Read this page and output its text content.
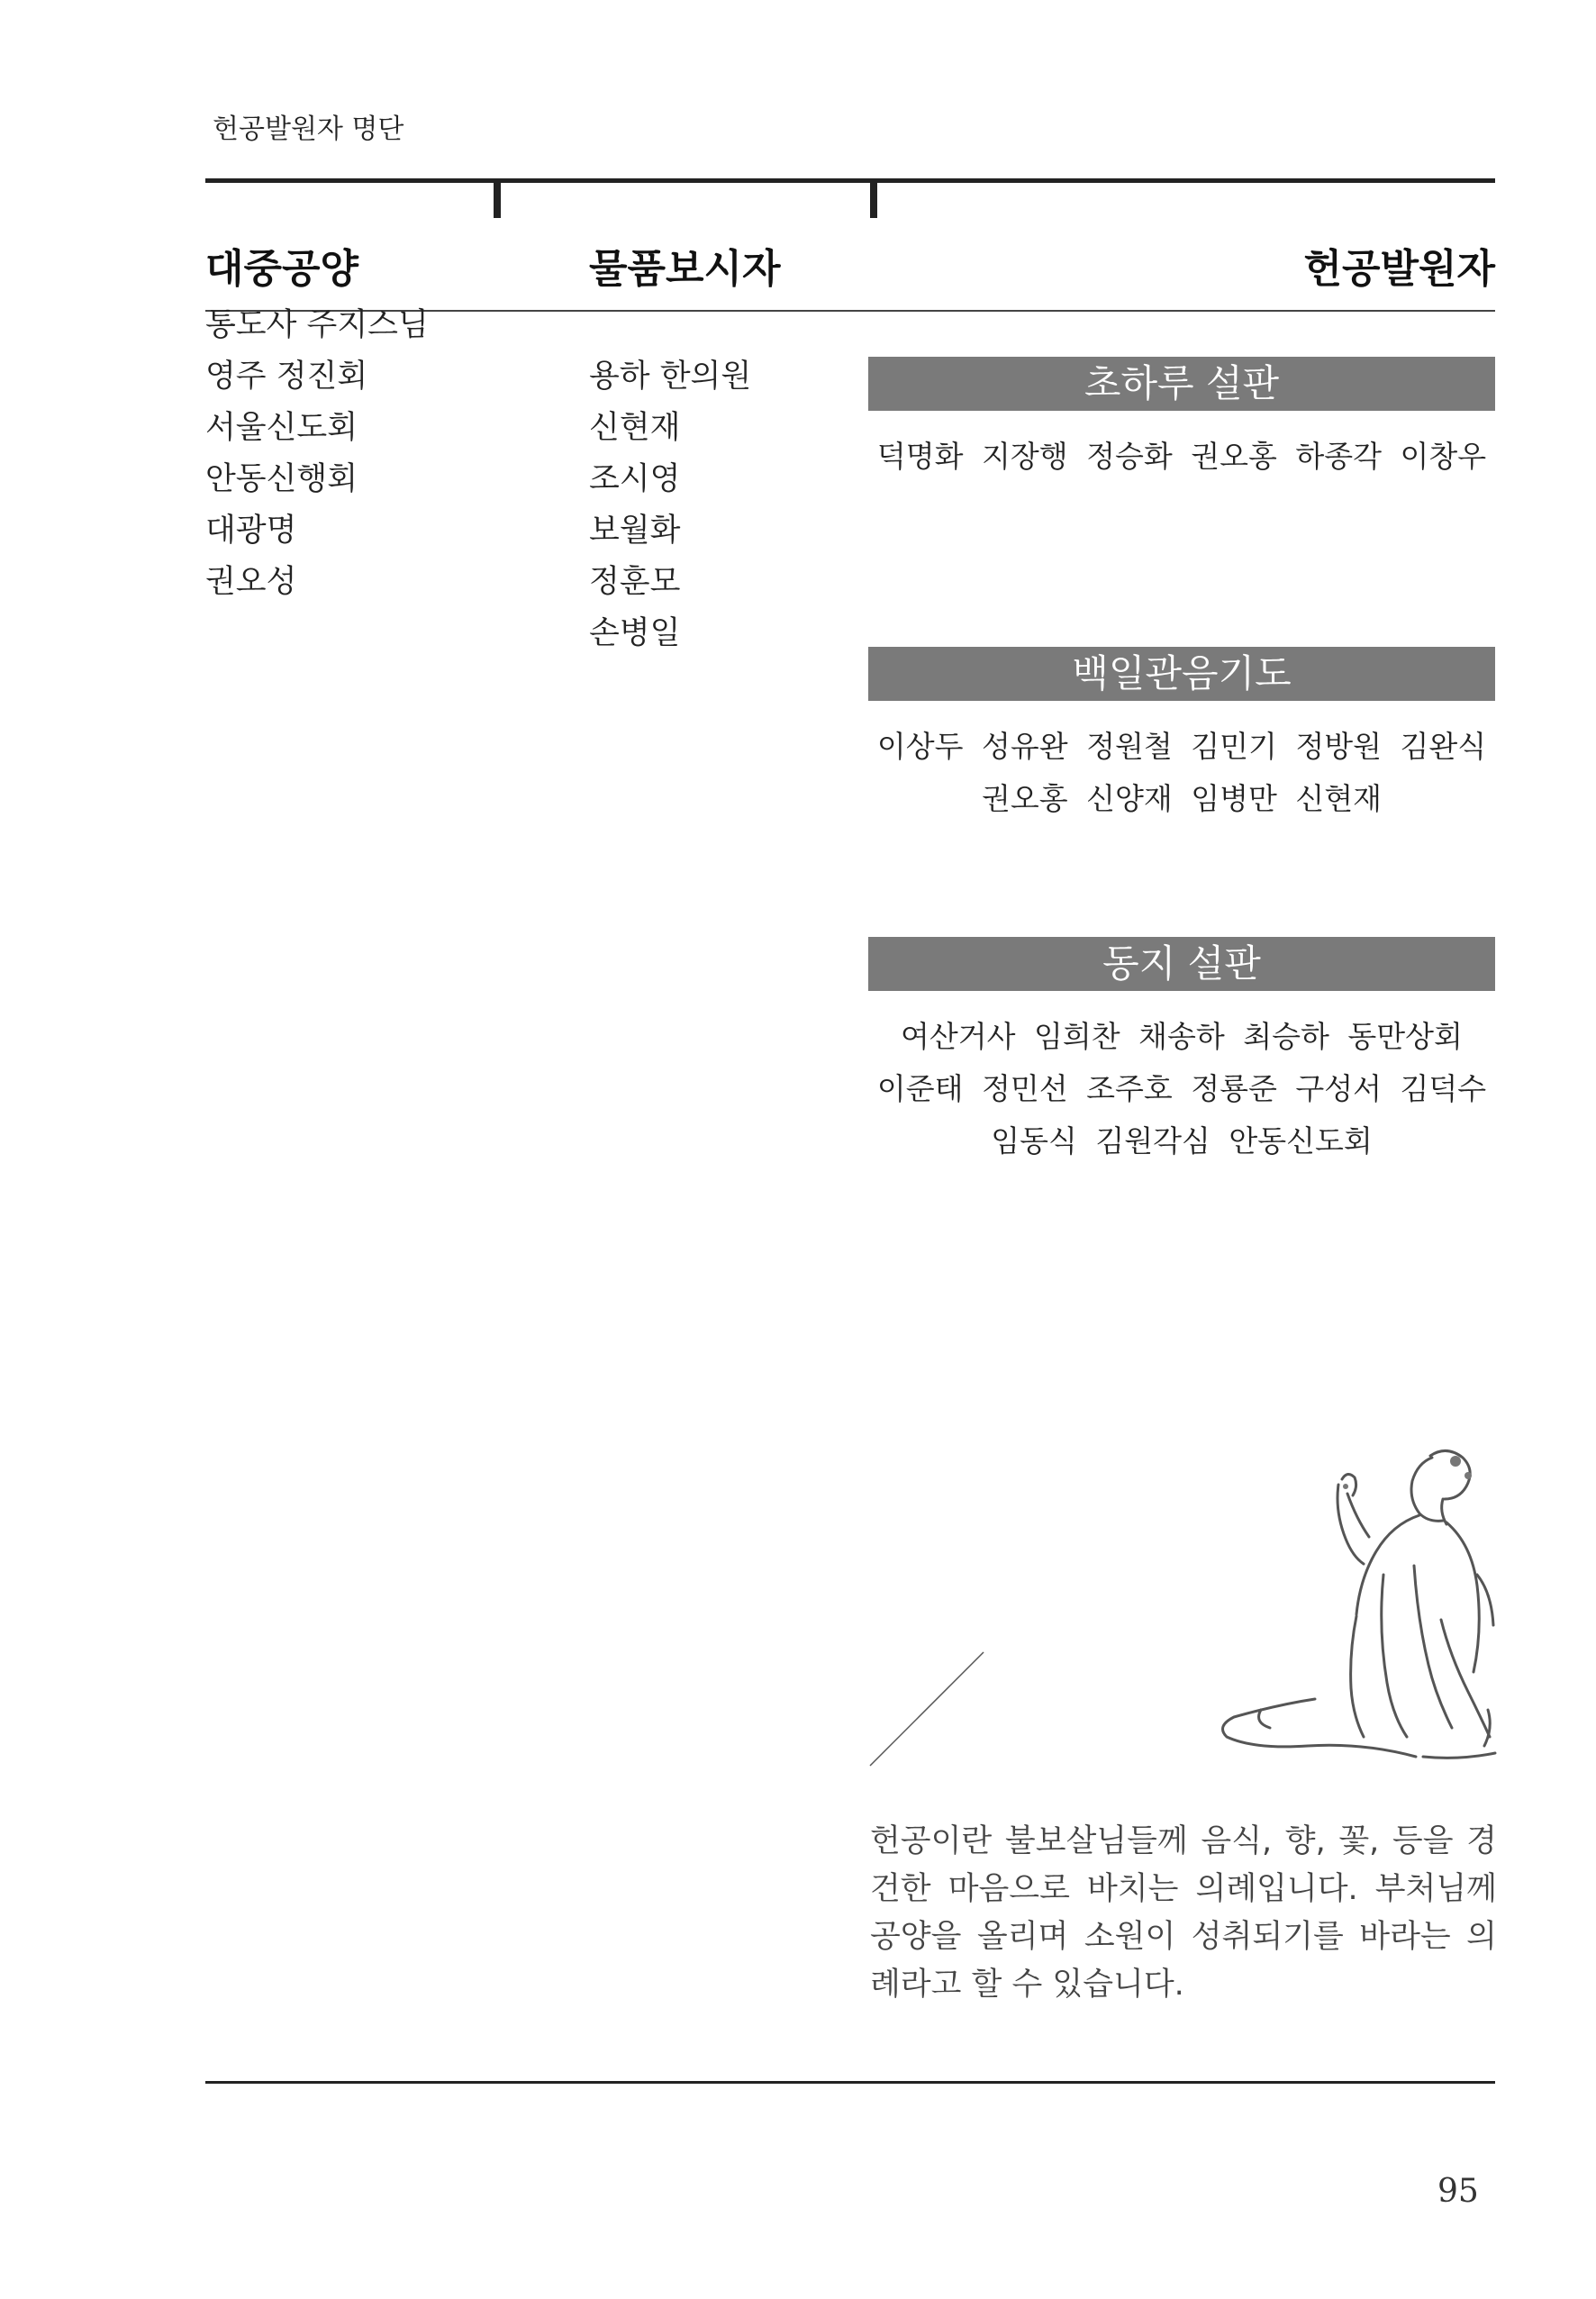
헌공발원자 명단
대중공양	물품보시자	헌공발원자
통도사 주지스님
영주 정진회
서울신도회
안동신행회
대광명
권오성
용하 한의원
신현재
조시영
보월화
정훈모
손병일
초하루 설판
덕명화 지장행 정승화 권오홍 하종각 이창우
백일관음기도
이상두 성유완 정원철 김민기 정방원 김완식
권오홍 신양재 임병만 신현재
동지 설판
여산거사 임희찬 채송하 최승하 동만상회
이준태 정민선 조주호 정룡준 구성서 김덕수
임동식 김원각심 안동신도회
헌공이란 불보살님들께 음식, 향, 꽃, 등을 경건한 마음으로 바치는 의례입니다. 부처님께 공양을 올리며 소원이 성취되기를 바라는 의례라고 할 수 있습니다.
95
